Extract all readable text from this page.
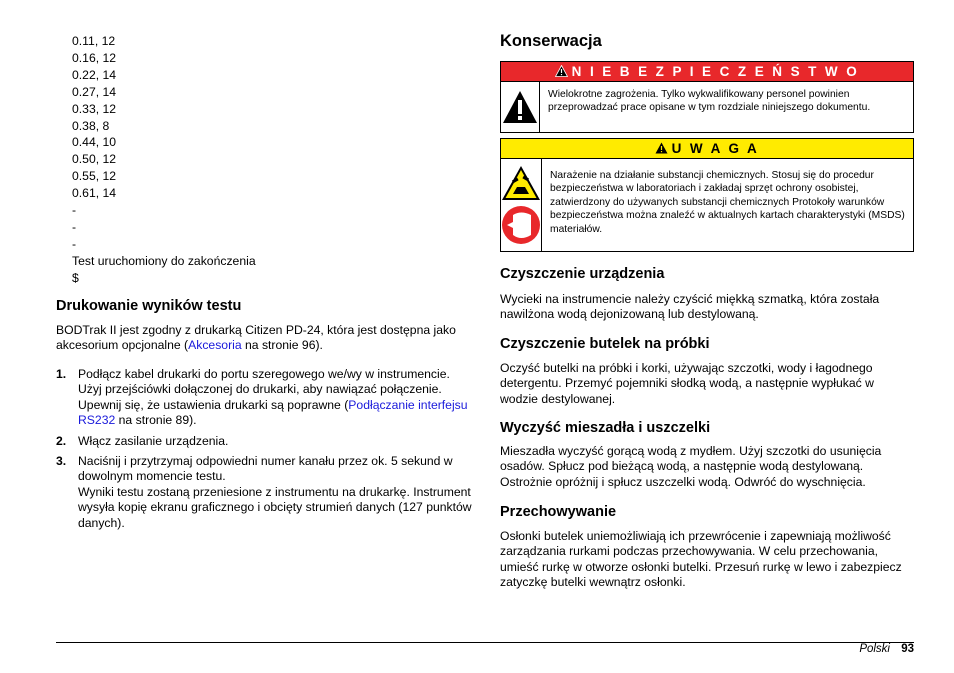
0.11, 12
0.16, 12
0.22, 14
0.27, 14
0.33, 12
0.38, 8
0.44, 10
0.50, 12
0.55, 12
0.61, 14
-
-
-
Test uruchomiony do zakończenia
$
Drukowanie wyników testu

BODTrak II jest zgodny z drukarką Citizen PD-24, która jest dostępna jako akcesorium opcjonalne (Akcesoria na stronie 96).

1. Podłącz kabel drukarki do portu szeregowego we/wy w instrumencie. Użyj przejściówki dołączonej do drukarki, aby nawiązać połączenie. Upewnij się, że ustawienia drukarki są poprawne (Podłączanie interfejsu RS232 na stronie 89).
2. Włącz zasilanie urządzenia.
3. Naciśnij i przytrzymaj odpowiedni numer kanału przez ok. 5 sekund w dowolnym momencie testu.
Wyniki testu zostaną przeniesione z instrumentu na drukarkę. Instrument wysyła kopię ekranu graficznego i obcięty strumień danych (127 punktów danych).
Konserwacja
N I E B E Z P I E C Z E Ń S T W O
Wielokrotne zagrożenia. Tylko wykwalifikowany personel powinien przeprowadzać prace opisane w tym rozdziale niniejszego dokumentu.
U W A G A
Narażenie na działanie substancji chemicznych. Stosuj się do procedur bezpieczeństwa w laboratoriach i zakładaj sprzęt ochrony osobistej, zatwierdzony do używanych substancji chemicznych Protokoły warunków bezpieczeństwa można znaleźć w aktualnych kartach charakterystyki (MSDS) materiałów.
Czyszczenie urządzenia

Wycieki na instrumencie należy czyścić miękką szmatką, która została nawilżona wodą dejonizowaną lub destylowaną.

Czyszczenie butelek na próbki

Oczyść butelki na próbki i korki, używając szczotki, wody i łagodnego detergentu. Przemyć pojemniki słodką wodą, a następnie wypłukać w wodzie destylowanej.

Wyczyść mieszadła i uszczelki

Mieszadła wyczyść gorącą wodą z mydłem. Użyj szczotki do usunięcia osadów. Spłucz pod bieżącą wodą, a następnie wodą destylowaną. Ostrożnie opróżnij i spłucz uszczelki wodą. Odwróć do wyschnięcia.

Przechowywanie

Osłonki butelek uniemożliwiają ich przewrócenie i zapewniają możliwość zarządzania rurkami podczas przechowywania. W celu przechowania, umieść rurkę w otworze osłonki butelki. Przesuń rurkę w lewo i zabezpiecz zatyczkę butelki wewnątrz osłonki.

Polski 93
